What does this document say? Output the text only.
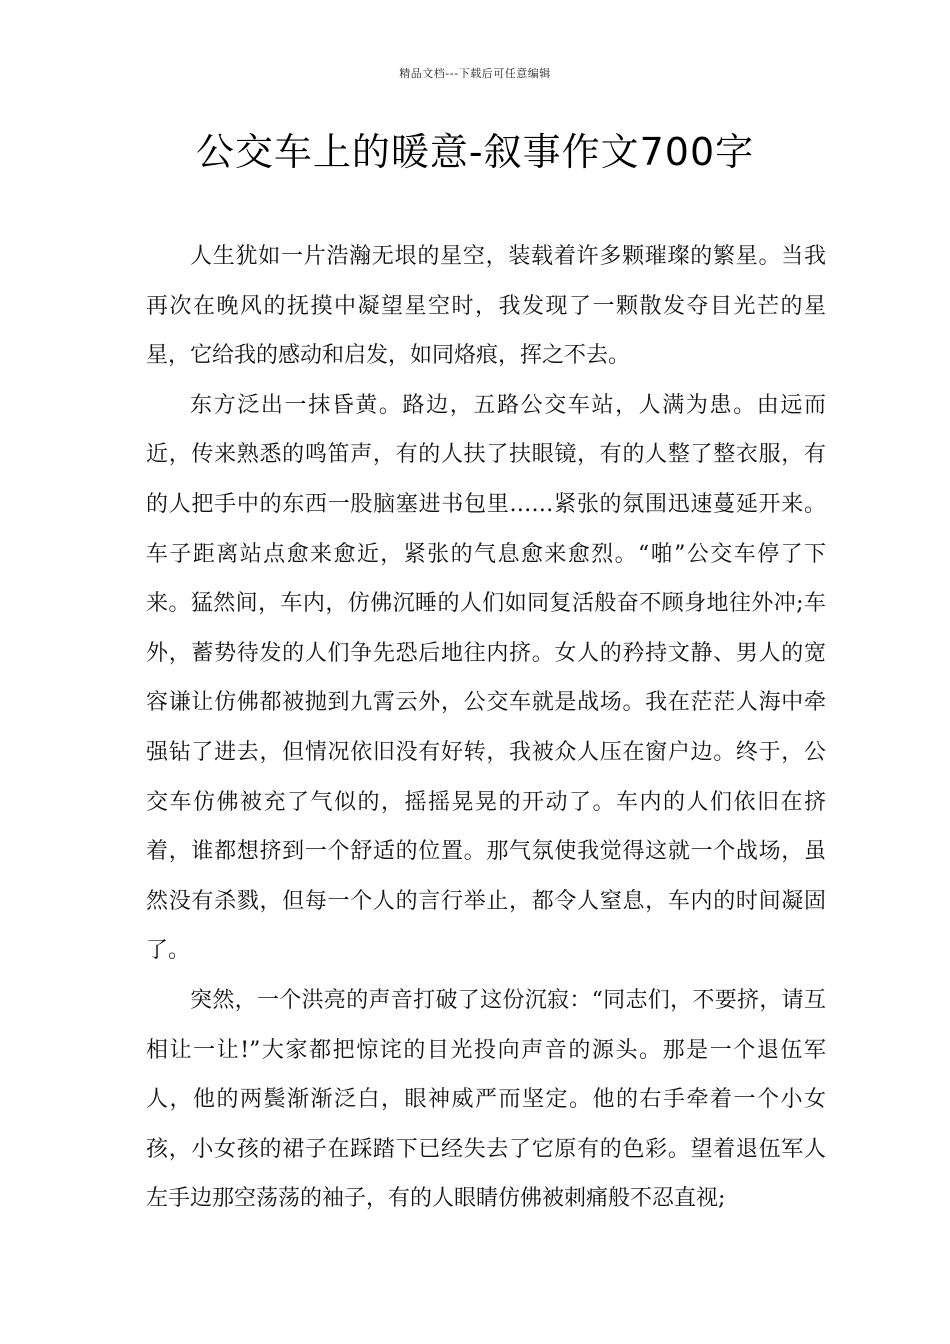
精品文档---下载后可任意编辑
公交车上的暖意-叙事作文700字

人生犹如一片浩瀚无垠的星空，装载着许多颗璀璨的繁星。当我再次在晚风的抚摸中凝望星空时，我发现了一颗散发夺目光芒的星星，它给我的感动和启发，如同烙痕，挥之不去。

东方泛出一抹昏黄。路边，五路公交车站，人满为患。由远而近，传来熟悉的鸣笛声，有的人扶了扶眼镜，有的人整了整衣服，有的人把手中的东西一股脑塞进书包里……紧张的氛围迅速蔓延开来。车子距离站点愈来愈近，紧张的气息愈来愈烈。“啪”公交车停了下来。猛然间，车内，仿佛沉睡的人们如同复活般奋不顾身地往外冲;车外，蓄势待发的人们争先恐后地往内挤。女人的矜持文静、男人的宽容谦让仿佛都被抛到九霄云外，公交车就是战场。我在茫茫人海中牵强钻了进去，但情况依旧没有好转，我被众人压在窗户边。终于，公交车仿佛被充了气似的，摇摇晃晃的开动了。车内的人们依旧在挤着，谁都想挤到一个舒适的位置。那气氛使我觉得这就一个战场，虽然没有杀戮，但每一个人的言行举止，都令人窒息，车内的时间凝固了。

突然，一个洪亮的声音打破了这份沉寂：“同志们，不要挤，请互相让一让!”大家都把惊诧的目光投向声音的源头。那是一个退伍军人，他的两鬓渐渐泛白，眼神威严而坚定。他的右手牵着一个小女孩，小女孩的裙子在踩踏下已经失去了它原有的色彩。望着退伍军人左手边那空荡荡的袖子，有的人眼睛仿佛被刺痛般不忍直视;
